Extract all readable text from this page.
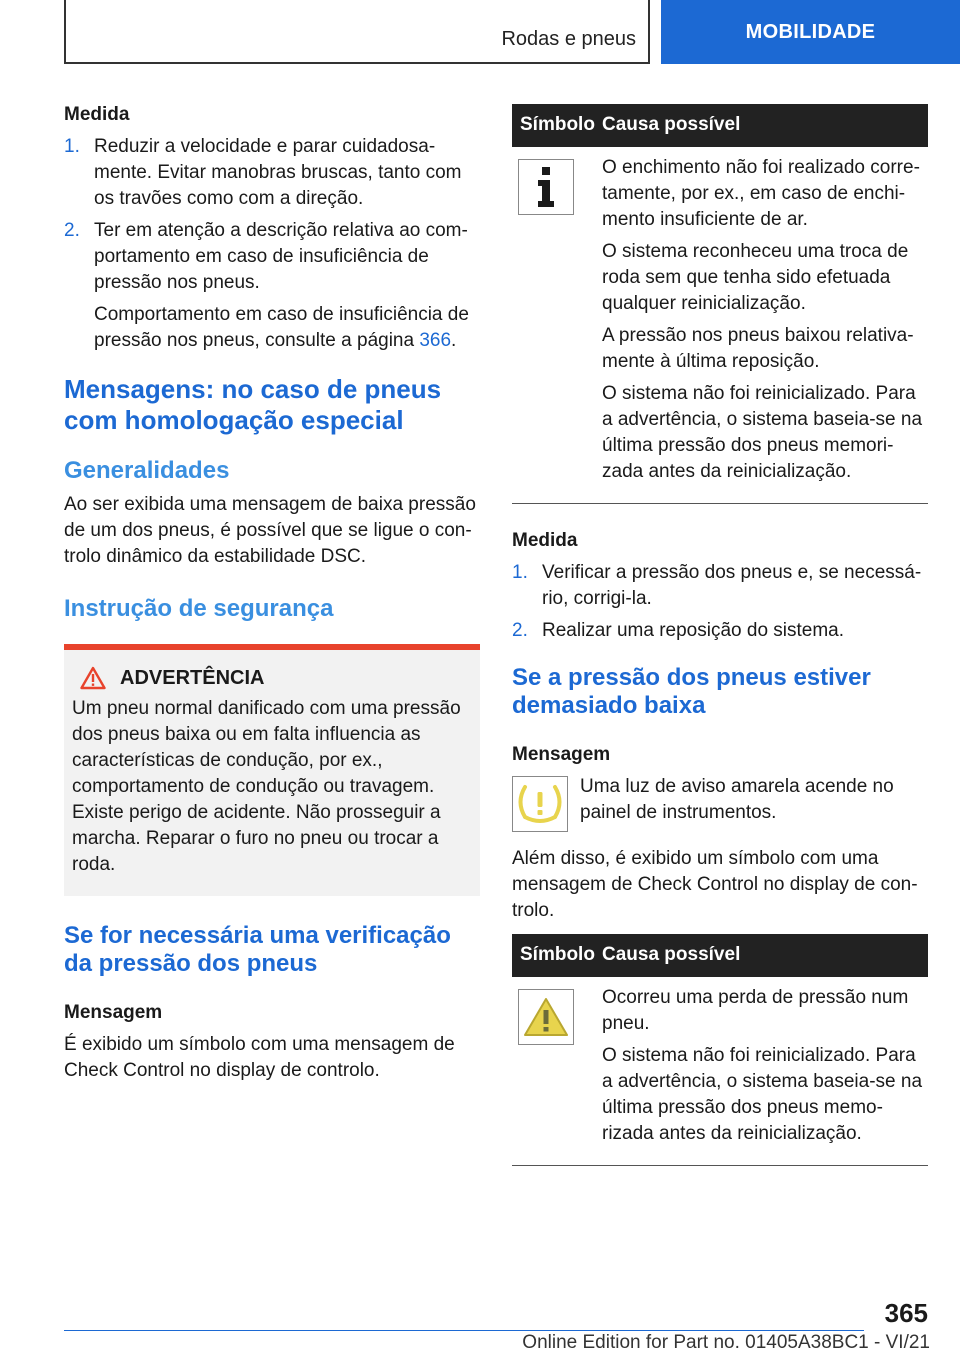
Rodas e pneus	MOBILIDADE
Medida
1. Reduzir a velocidade e parar cuidadosamente. Evitar manobras bruscas, tanto com os travões como com a direção.
2. Ter em atenção a descrição relativa ao comportamento em caso de insuficiência de pressão nos pneus.
Comportamento em caso de insuficiência de pressão nos pneus, consulte a página 366.
Mensagens: no caso de pneus com homologação especial
Generalidades
Ao ser exibida uma mensagem de baixa pressão de um dos pneus, é possível que se ligue o controlo dinâmico da estabilidade DSC.
Instrução de segurança
ADVERTÊNCIA
Um pneu normal danificado com uma pressão dos pneus baixa ou em falta influencia as características de condução, por ex., comportamento de condução ou travagem. Existe perigo de acidente. Não prosseguir a marcha. Reparar o furo no pneu ou trocar a roda.
Se for necessária uma verificação da pressão dos pneus
Mensagem
É exibido um símbolo com uma mensagem de Check Control no display de controlo.
Símbolo Causa possível

O enchimento não foi realizado corretamente, por ex., em caso de enchimento insuficiente de ar.

O sistema reconheceu uma troca de roda sem que tenha sido efetuada qualquer reinicialização.

A pressão nos pneus baixou relativamente à última reposição.

O sistema não foi reinicializado. Para a advertência, o sistema baseia-se na última pressão dos pneus memorizada antes da reinicialização.

Medida
1. Verificar a pressão dos pneus e, se necessário, corrigi-la.
2. Realizar uma reposição do sistema.
Se a pressão dos pneus estiver demasiado baixa
Mensagem
Uma luz de aviso amarela acende no painel de instrumentos.
Além disso, é exibido um símbolo com uma mensagem de Check Control no display de controlo.
Símbolo Causa possível

Ocorreu uma perda de pressão num pneu.

O sistema não foi reinicializado. Para a advertência, o sistema baseia-se na última pressão dos pneus memorizada antes da reinicialização.

365
Online Edition for Part no. 01405A38BC1 - VI/21
